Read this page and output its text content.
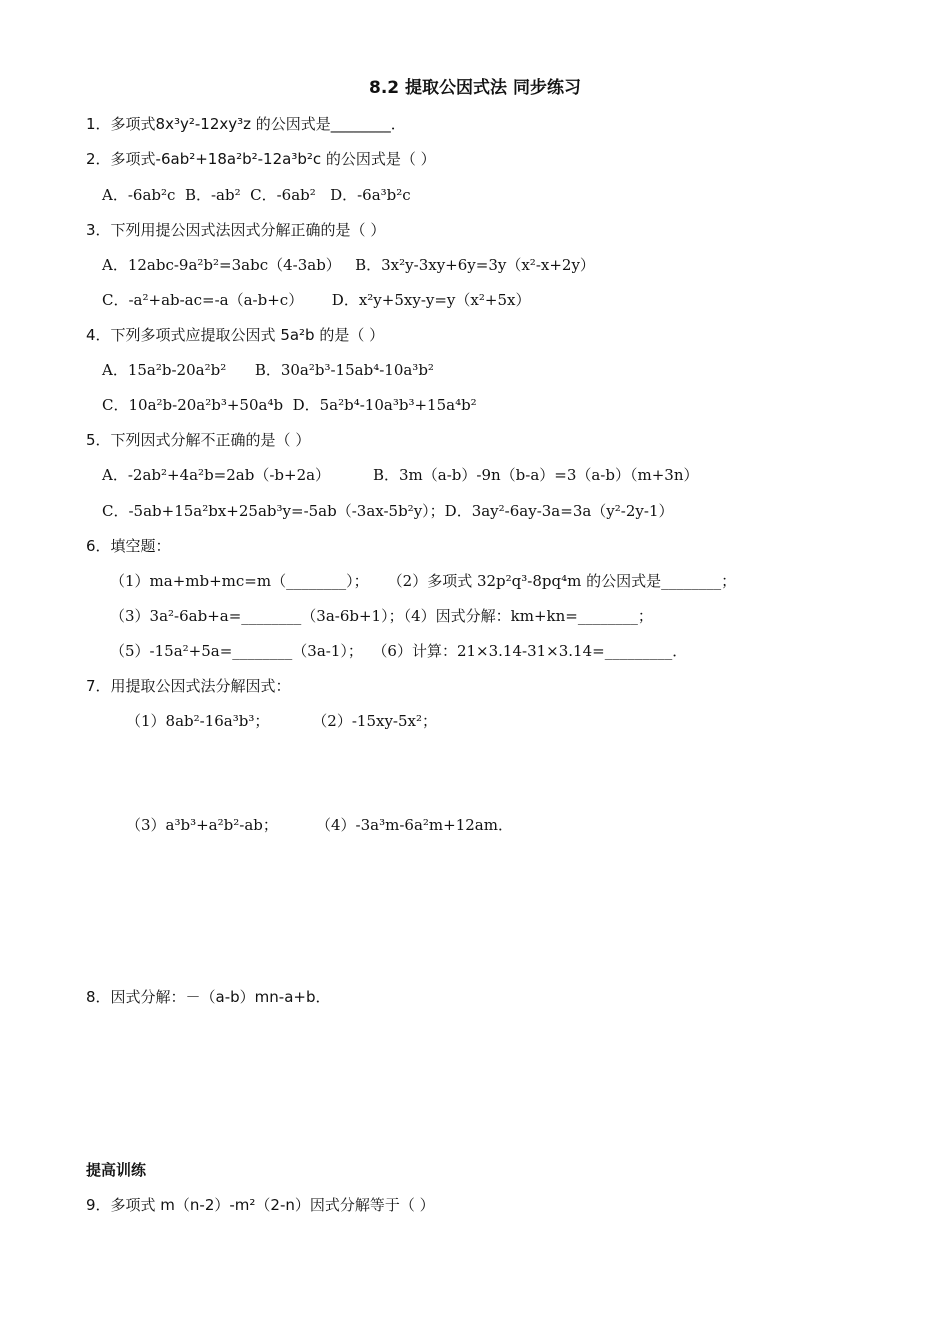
8.2 提取公因式法 同步练习
1．多项式8x³y²-12xy³z 的公因式是________．
2．多项式-6ab²+18a²b²-12a³b²c 的公因式是（ ）
A．-6ab²c  B．-ab²  C．-6ab²   D．-6a³b²c
3．下列用提公因式法因式分解正确的是（ ）
A．12abc-9a²b²=3abc（4-3ab）   B．3x²y-3xy+6y=3y（x²-x+2y）
C．-a²+ab-ac=-a（a-b+c）      D．x²y+5xy-y=y（x²+5x）
4．下列多项式应提取公因式 5a²b 的是（ ）
A．15a²b-20a²b²      B．30a²b³-15ab⁴-10a³b²
C．10a²b-20a²b³+50a⁴b  D．5a²b⁴-10a³b³+15a⁴b²
5．下列因式分解不正确的是（ ）
A．-2ab²+4a²b=2ab（-b+2a）         B．3m（a-b）-9n（b-a）=3（a-b）（m+3n）
C．-5ab+15a²bx+25ab³y=-5ab（-3ax-5b²y）；D．3ay²-6ay-3a=3a（y²-2y-1）
6．填空题：
（1）ma+mb+mc=m（________）；    （2）多项式 32p²q³-8pq⁴m 的公因式是________；
（3）3a²-6ab+a=________（3a-6b+1）；（4）因式分解：km+kn=________；
（5）-15a²+5a=________（3a-1）；  （6）计算：21×3.14-31×3.14=_________．
7．用提取公因式法分解因式：
（1）8ab²-16a³b³；         （2）-15xy-5x²；
（3）a³b³+a²b²-ab；        （4）-3a³m-6a²m+12am．
8．因式分解：－（a-b）mn-a+b．
提高训练
9．多项式 m（n-2）-m²（2-n）因式分解等于（ ）
